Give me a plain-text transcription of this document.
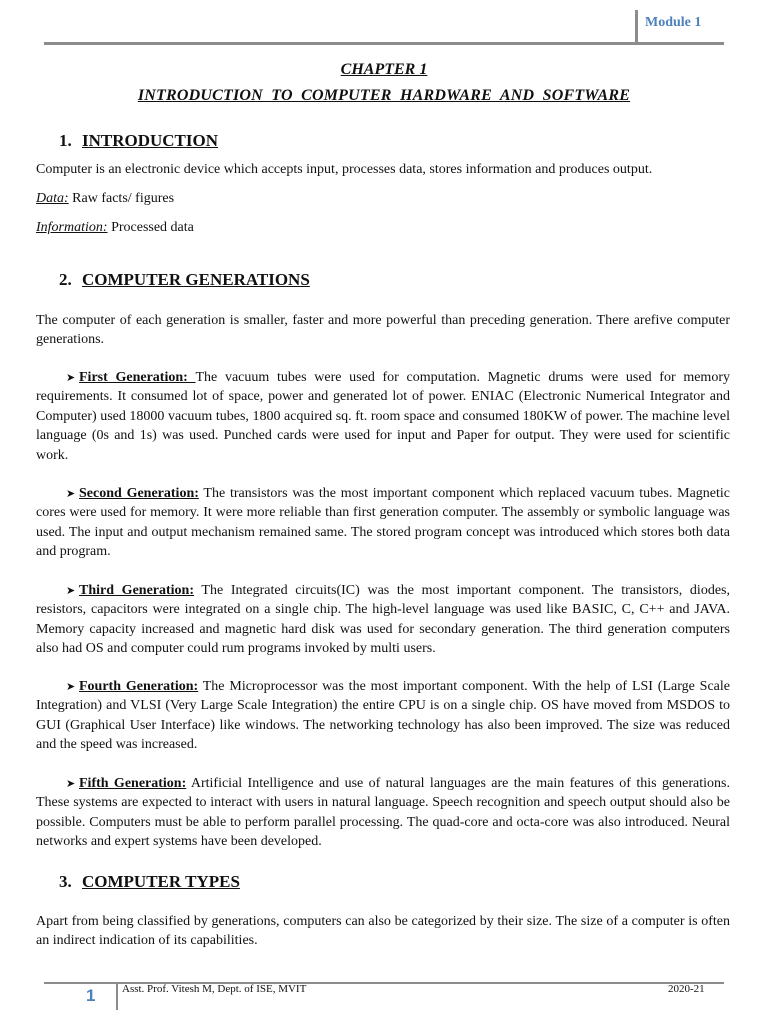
Module 1
CHAPTER 1
INTRODUCTION  TO  COMPUTER  HARDWARE  AND  SOFTWARE
1. INTRODUCTION
Computer is an electronic device which accepts input, processes data, stores information and produces output.
Data: Raw facts/ figures
Information: Processed data
2. COMPUTER GENERATIONS
The computer of each generation is smaller, faster and more powerful than preceding generation. There arefive computer generations.
➤ First Generation: The vacuum tubes were used for computation. Magnetic drums were used for memory requirements. It consumed lot of space, power and generated lot of power. ENIAC (Electronic Numerical Integrator and Computer) used 18000 vacuum tubes, 1800 acquired sq. ft. room space and consumed 180KW of power. The machine level language (0s and 1s) was used. Punched cards were used for input and Paper for output. They were used for scientific work.
➤ Second Generation: The transistors was the most important component which replaced vacuum tubes. Magnetic cores were used for memory. It were more reliable than first generation computer. The assembly or symbolic language was used. The input and output mechanism remained same. The stored program concept was introduced which stores both data and program.
➤ Third Generation: The Integrated circuits(IC) was the most important component. The transistors, diodes, resistors, capacitors were integrated on a single chip. The high-level language was used like BASIC, C, C++ and JAVA. Memory capacity increased and magnetic hard disk was used for secondary generation. The third generation computers also had OS and computer could rum programs invoked by multi users.
➤ Fourth Generation: The Microprocessor was the most important component. With the help of LSI (Large Scale Integration) and VLSI (Very Large Scale Integration) the entire CPU is on a single chip. OS have moved from MSDOS to GUI (Graphical User Interface) like windows. The networking technology has also been improved. The size was reduced and the speed was increased.
➤ Fifth Generation: Artificial Intelligence and use of natural languages are the main features of this generations. These systems are expected to interact with users in natural language. Speech recognition and speech output should also be possible. Computers must be able to perform parallel processing. The quad-core and octa-core was also introduced. Neural networks and expert systems have been developed.
3. COMPUTER TYPES
Apart from being classified by generations, computers can also be categorized by their size. The size of a computer is often an indirect indication of its capabilities.
1 Asst. Prof. Vitesh M, Dept. of ISE, MVIT	2020-21
